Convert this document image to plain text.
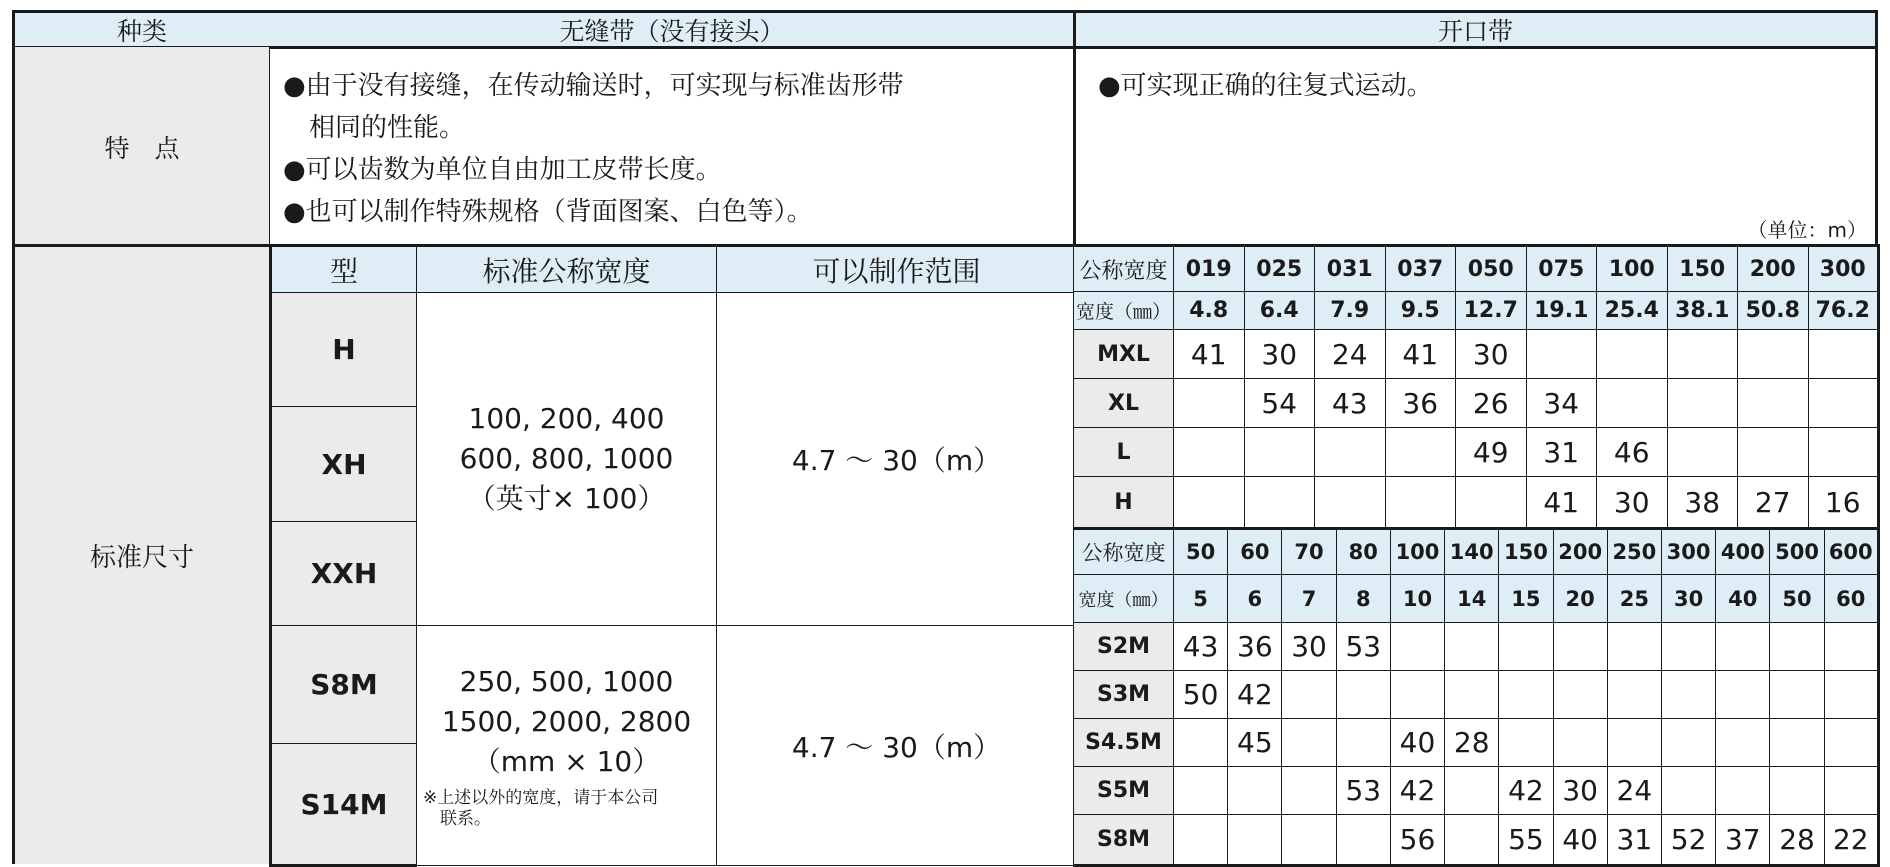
种类	无缝带（没有接头）	开口带
特　点
●由于没有接缝，在传动输送时，可实现与标准齿形带
　相同的性能。
●可以齿数为单位自由加工皮带长度。
●也可以制作特殊规格（背面图案、白色等）。
●可实现正确的往复式运动。
（单位：m）
标准尺寸
型	标准公称宽度	可以制作范围
H	100, 200, 400
600, 800, 1000
（英寸× 100）	4.7 ～ 30（m）
XH		
XXH		
S8M	250, 500, 1000
1500, 2000, 2800
（mm × 10）
※上述以外的宽度，请于本公司
　联系。	4.7 ～ 30（m）
S14M		
公称宽度	019	025	031	037	050	075	100	150	200	300
宽度（㎜）	4.8	6.4	7.9	9.5	12.7	19.1	25.4	38.1	50.8	76.2
MXL	41	30	24	41	30					
XL		54	43	36	26	34				
L					49	31	46			
H						41	30	38	27	16
公称宽度	50	60	70	80	100	140	150	200	250	300	400	500	600
宽度（㎜）	5	6	7	8	10	14	15	20	25	30	40	50	60
S2M	43	36	30	53									
S3M	50	42											
S4.5M		45			40	28							
S5M				53	42		42	30	24				
S8M					56		55	40	31	52	37	28	22
